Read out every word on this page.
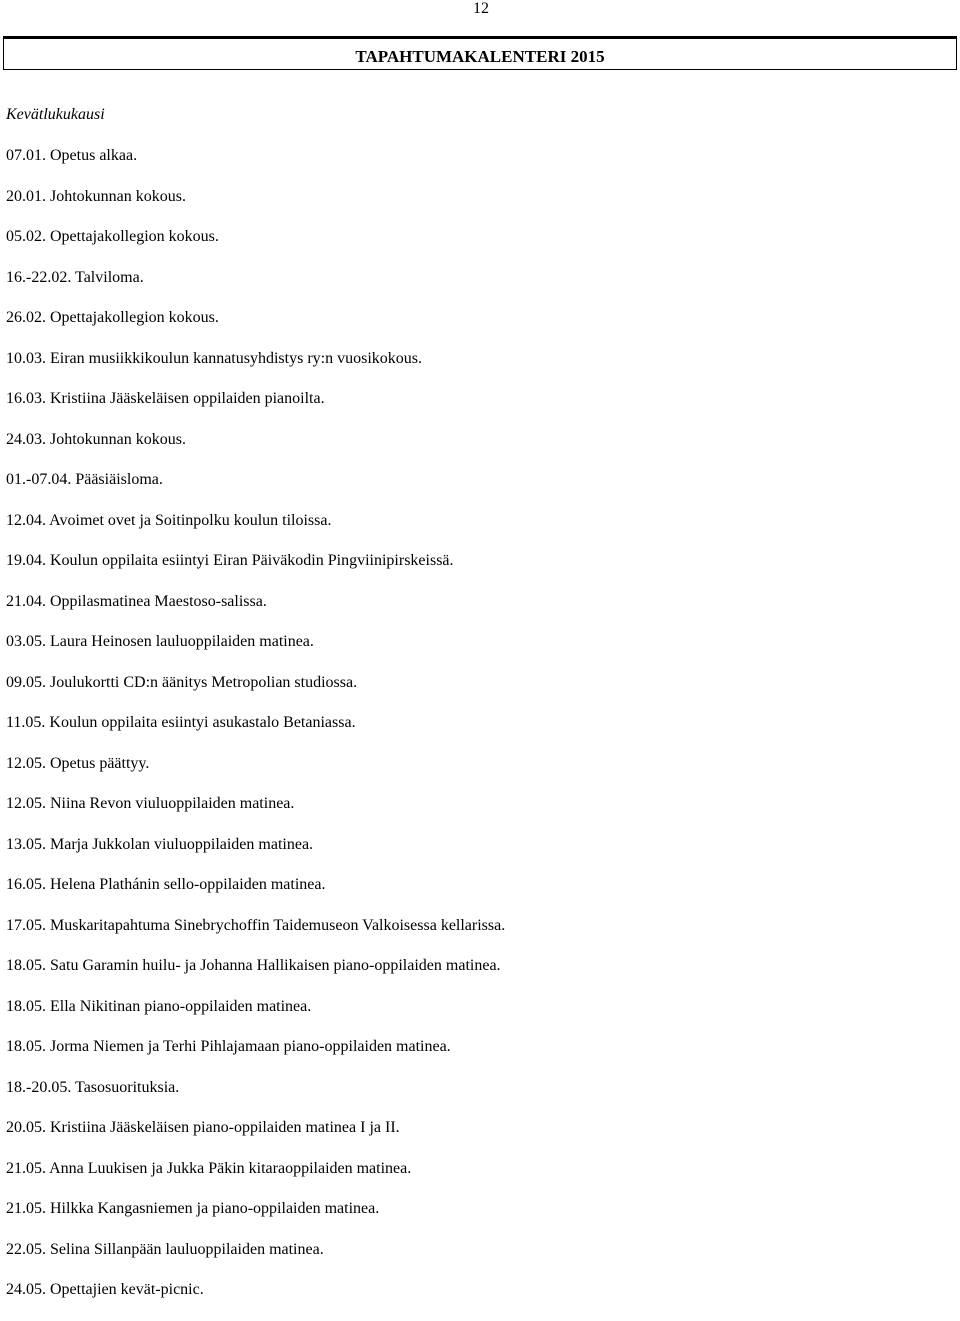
12
TAPAHTUMAKALENTERI 2015
Kevätlukukausi
07.01. Opetus alkaa.
20.01. Johtokunnan kokous.
05.02. Opettajakollegion kokous.
16.-22.02. Talviloma.
26.02. Opettajakollegion kokous.
10.03. Eiran musiikkikoulun kannatusyhdistys ry:n vuosikokous.
16.03. Kristiina Jääskeläisen oppilaiden pianoilta.
24.03. Johtokunnan kokous.
01.-07.04. Pääsiäisloma.
12.04. Avoimet ovet ja Soitinpolku koulun tiloissa.
19.04. Koulun oppilaita esiintyi Eiran Päiväkodin Pingviinipirskeissä.
21.04. Oppilasmatinea Maestoso-salissa.
03.05. Laura Heinosen lauluoppilaiden matinea.
09.05. Joulukortti CD:n äänitys Metropolian studiossa.
11.05. Koulun oppilaita esiintyi asukastalo Betaniassa.
12.05. Opetus päättyy.
12.05. Niina Revon viuluoppilaiden matinea.
13.05. Marja Jukkolan viuluoppilaiden matinea.
16.05. Helena Plathánin sello-oppilaiden matinea.
17.05. Muskaritapahtuma Sinebrychoffin Taidemuseon Valkoisessa kellarissa.
18.05. Satu Garamin huilu- ja Johanna Hallikaisen piano-oppilaiden matinea.
18.05. Ella Nikitinan piano-oppilaiden matinea.
18.05. Jorma Niemen ja Terhi Pihlajamaan piano-oppilaiden matinea.
18.-20.05. Tasosuorituksia.
20.05. Kristiina Jääskeläisen piano-oppilaiden matinea I ja II.
21.05. Anna Luukisen ja Jukka Päkin kitaraoppilaiden matinea.
21.05. Hilkka Kangasniemen ja piano-oppilaiden matinea.
22.05. Selina Sillanpään lauluoppilaiden matinea.
24.05. Opettajien kevät-picnic.
